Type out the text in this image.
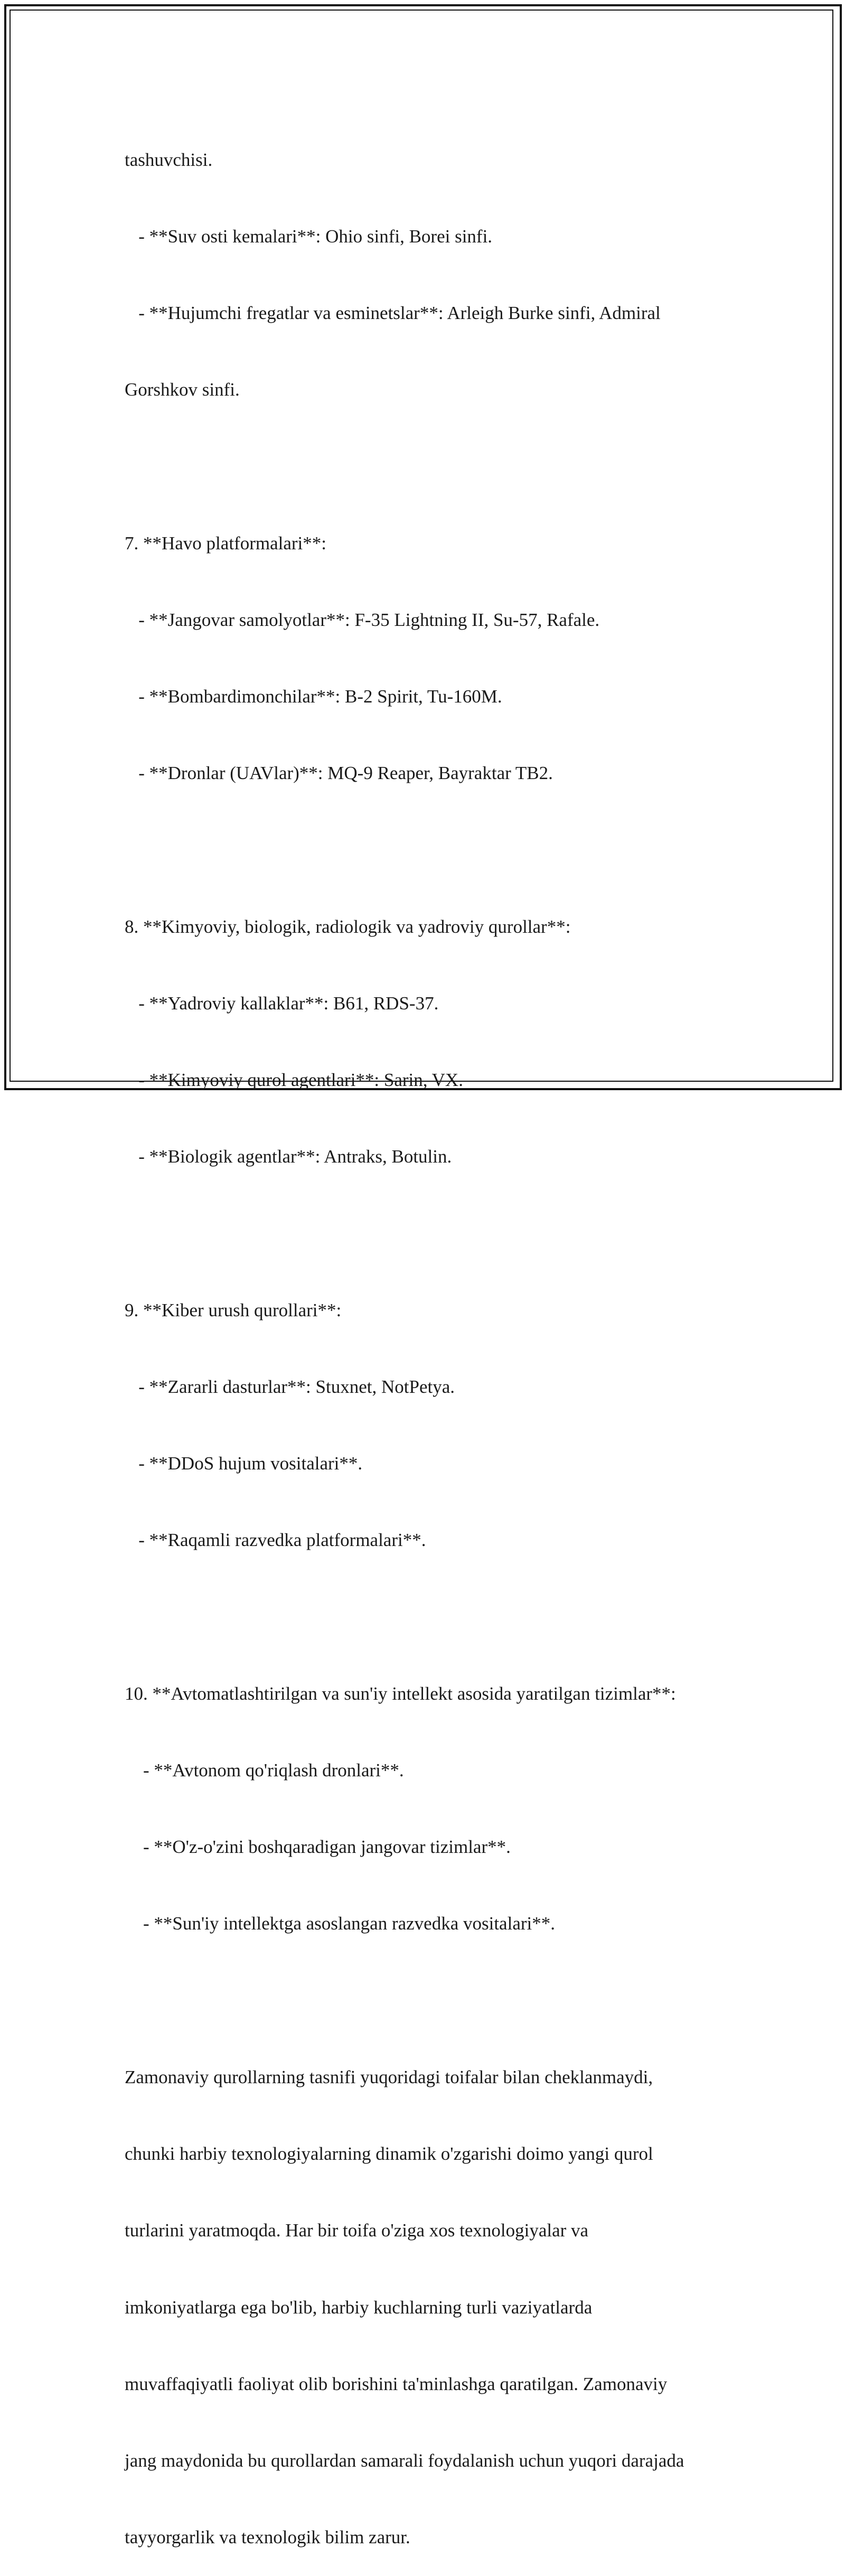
tashuvchisi.

- **Suv osti kemalari**: Ohio sinfi, Borei sinfi.

- **Hujumchi fregatlar va esminetslar**: Arleigh Burke sinfi, Admiral

Gorshkov sinfi.

7. **Havo platformalari**:

- **Jangovar samolyotlar**: F-35 Lightning II, Su-57, Rafale.

- **Bombardimonchilar**: B-2 Spirit, Tu-160M.

- **Dronlar (UAVlar)**: MQ-9 Reaper, Bayraktar TB2.

8. **Kimyoviy, biologik, radiologik va yadroviy qurollar**:

- **Yadroviy kallaklar**: B61, RDS-37.

- **Kimyoviy qurol agentlari**: Sarin, VX.

- **Biologik agentlar**: Antraks, Botulin.

9. **Kiber urush qurollari**:

- **Zararli dasturlar**: Stuxnet, NotPetya.

- **DDoS hujum vositalari**.

- **Raqamli razvedka platformalari**.

10. **Avtomatlashtirilgan va sun'iy intellekt asosida yaratilgan tizimlar**:

- **Avtonom qo'riqlash dronlari**.

- **O'z-o'zini boshqaradigan jangovar tizimlar**.

- **Sun'iy intellektga asoslangan razvedka vositalari**.

Zamonaviy qurollarning tasnifi yuqoridagi toifalar bilan cheklanmaydi,

chunki harbiy texnologiyalarning dinamik o'zgarishi doimo yangi qurol

turlarini yaratmoqda. Har bir toifa o'ziga xos texnologiyalar va

imkoniyatlarga ega bo'lib, harbiy kuchlarning turli vaziyatlarda

muvaffaqiyatli faoliyat olib borishini ta'minlashga qaratilgan. Zamonaviy

jang maydonida bu qurollardan samarali foydalanish uchun yuqori darajada

tayyorgarlik va texnologik bilim zarur.
